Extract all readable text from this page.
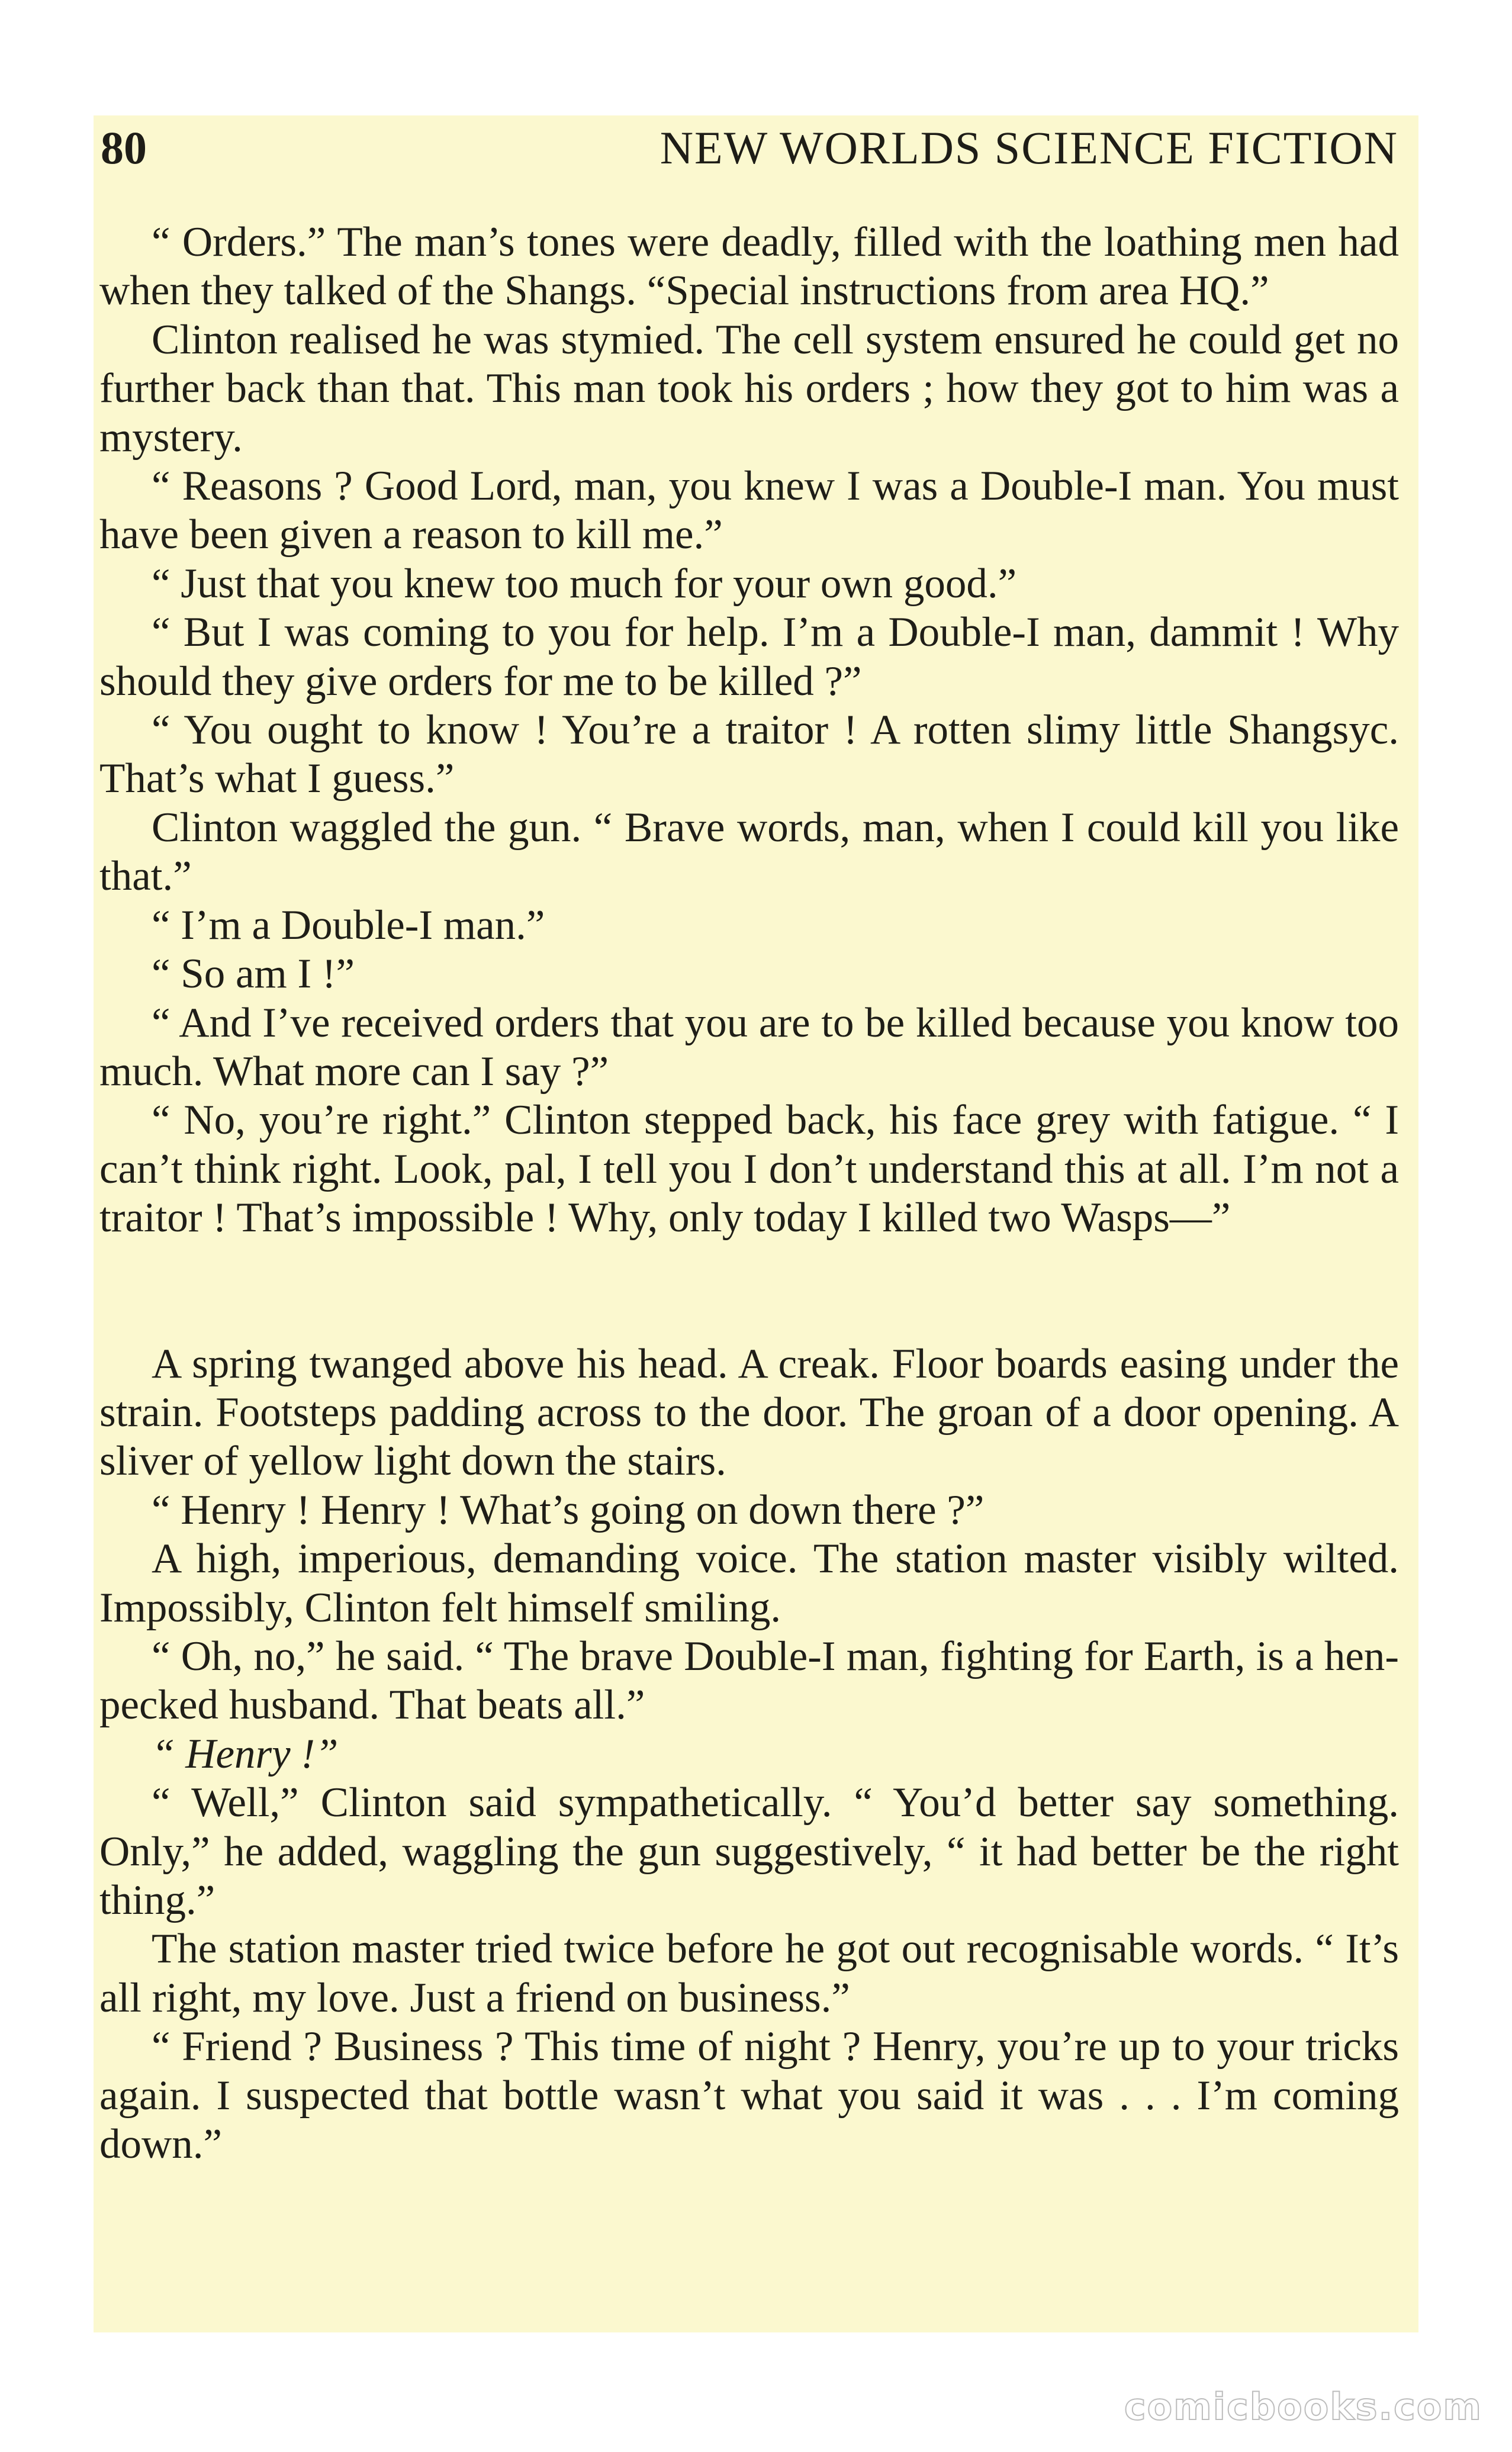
80	NEW WORLDS SCIENCE FICTION

“ Orders.” The man’s tones were deadly, filled with the loathing men had when they talked of the Shangs. “Special instructions from area HQ.”

Clinton realised he was stymied. The cell system ensured he could get no further back than that. This man took his orders ; how they got to him was a mystery.

“ Reasons ? Good Lord, man, you knew I was a Double-I man. You must have been given a reason to kill me.”

“ Just that you knew too much for your own good.”

“ But I was coming to you for help. I’m a Double-I man, dammit ! Why should they give orders for me to be killed ?”

“ You ought to know ! You’re a traitor ! A rotten slimy little Shangsyc. That’s what I guess.”

Clinton waggled the gun. “ Brave words, man, when I could kill you like that.”

“ I’m a Double-I man.”

“ So am I !”

“ And I’ve received orders that you are to be killed because you know too much. What more can I say ?”

“ No, you’re right.” Clinton stepped back, his face grey with fatigue. “ I can’t think right. Look, pal, I tell you I don’t understand this at all. I’m not a traitor ! That’s impossible ! Why, only today I killed two Wasps—”

A spring twanged above his head. A creak. Floor boards easing under the strain. Footsteps padding across to the door. The groan of a door opening. A sliver of yellow light down the stairs.

“ Henry ! Henry ! What’s going on down there ?”

A high, imperious, demanding voice. The station master visibly wilted. Impossibly, Clinton felt himself smiling.

“ Oh, no,” he said. “ The brave Double-I man, fighting for Earth, is a hen-pecked husband. That beats all.”

“ Henry !”

“ Well,” Clinton said sympathetically. “ You’d better say something. Only,” he added, waggling the gun suggestively, “ it had better be the right thing.”

The station master tried twice before he got out recognisable words. “ It’s all right, my love. Just a friend on business.”

“ Friend ? Business ? This time of night ? Henry, you’re up to your tricks again. I suspected that bottle wasn’t what you said it was . . . I’m coming down.”

comicbooks.com
